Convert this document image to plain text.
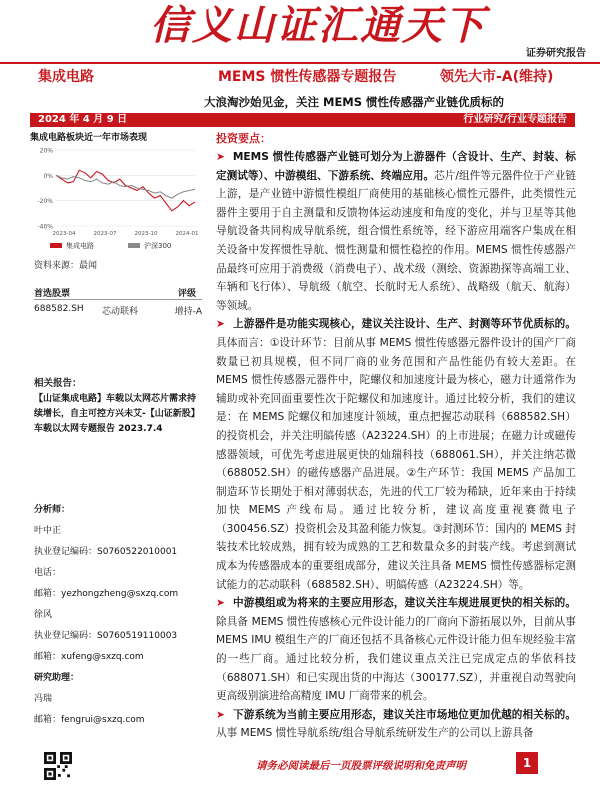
信义山证汇通天下
证券研究报告
集成电路	MEMS 惯性传感器专题报告	领先大市-A(维持)
大浪淘沙始见金，关注 MEMS 惯性传感器产业链优质标的
2024 年 4 月 9 日	行业研究/行业专题报告
集成电路板块近一年市场表现
20%
0%
-20%
-40%
2023-04	2023-07	2023-10	2024-01
集成电路	沪深300
资料来源：最闻
首选股票	评级
688582.SH 芯动联科	增持-A
相关报告：
【山证集成电路】车载以太网芯片需求持续增长，自主可控方兴未艾-【山证新股】车载以太网专题报告 2023.7.4
分析师：
叶中正
执业登记编码：S0760522010001
电话：
邮箱：yezhongzheng@sxzq.com
徐风
执业登记编码：S0760519110003
邮箱：xufeng@sxzq.com
研究助理：
冯瑞
邮箱：fengrui@sxzq.com
投资要点：

➤ MEMS 惯性传感器产业链可划分为上游器件（含设计、生产、封装、标定测试等）、中游模组、下游系统、终端应用。芯片/组件等元器件位于产业链上游，是产业链中游惯性模组厂商使用的基础核心惯性元器件，此类惯性元器件主要用于自主测量和反馈物体运动速度和角度的变化，并与卫星等其他导航设备共同构成导航系统，组合惯性系统等，经下游应用端客户集成在相关设备中发挥惯性导航、惯性测量和惯性稳控的作用。MEMS 惯性传感器产品最终可应用于消费级（消费电子）、战术级（测绘、资源勘探等高端工业、车辆和飞行体）、导航级（航空、长航时无人系统）、战略级（航天、航海）等领域。

➤ 上游器件是功能实现核心，建议关注设计、生产、封测等环节优质标的。具体而言：①设计环节：目前从事 MEMS 惯性传感器元器件设计的国产厂商数量已初具规模，但不同厂商的业务范围和产品性能仍有较大差距。在 MEMS 惯性传感器元器件中，陀螺仪和加速度计最为核心，磁力计通常作为辅助或补充回面重要性次于陀螺仪和加速度计。通过比较分析，我们的建议是：在 MEMS 陀螺仪和加速度计领域，重点把握芯动联科（688582.SH）的投资机会，并关注明皜传感（A23224.SH）的上市进展；在磁力计或磁传感器领域，可优先考虑进展更快的灿瑞科技（688061.SH），并关注纳芯微（688052.SH）的磁传感器产品进展。②生产环节：我国 MEMS 产品加工制造环节长期处于相对薄弱状态，先进的代工厂较为稀缺，近年来由于持续加快 MEMS 产线布局。通过比较分析，建议高度重视赛微电子（300456.SZ）投资机会及其盈利能力恢复。③封测环节：国内的 MEMS 封装技术比较成熟，拥有较为成熟的工艺和数量众多的封装产线。考虑到测试成本为传感器成本的重要组成部分，建议关注具备 MEMS 惯性传感器标定测试能力的芯动联科（688582.SH）、明皜传感（A23224.SH）等。

➤ 中游模组或为将来的主要应用形态，建议关注车规进展更快的相关标的。除具备 MEMS 惯性传感核心元件设计能力的厂商向下游拓展以外，目前从事 MEMS IMU 模组生产的厂商还包括不具备核心元件设计能力但车规经验丰富的一些厂商。通过比较分析，我们建议重点关注已完成定点的华依科技（688071.SH）和已实现出货的中海达（300177.SZ），并重视自动驾驶向更高级别演进给高精度 IMU 厂商带来的机会。

➤ 下游系统为当前主要应用形态，建议关注市场地位更加优越的相关标的。从事 MEMS 惯性导航系统/组合导航系统研发生产的公司以上游具备

请务必阅读最后一页股票评级说明和免责声明	1
